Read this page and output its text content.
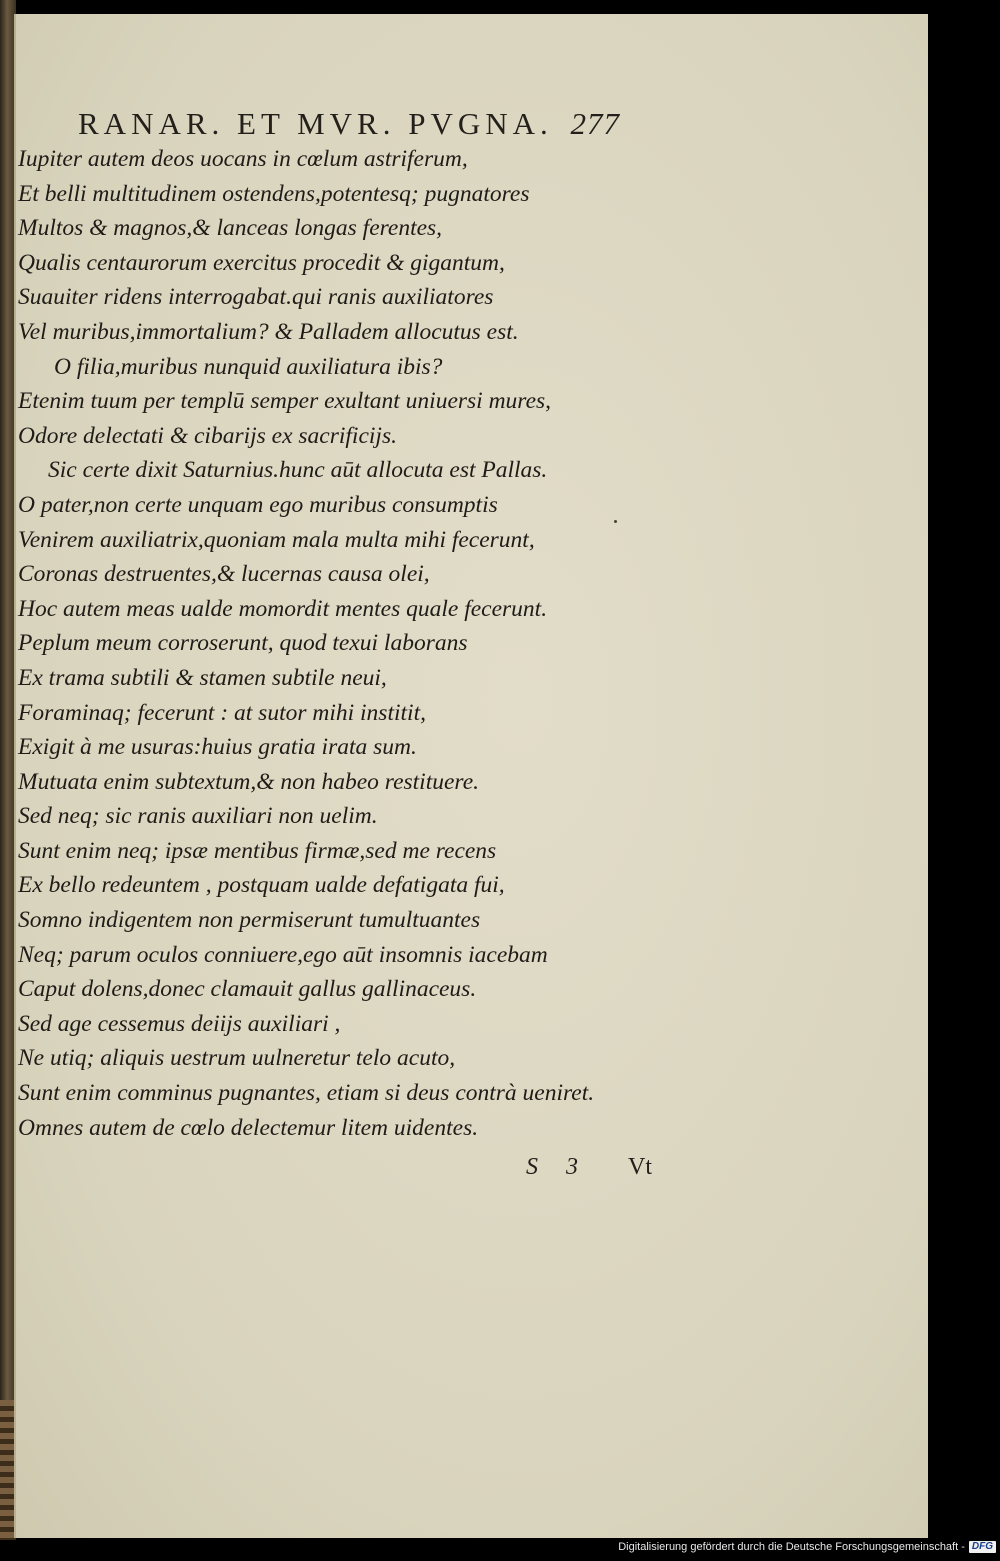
RANAR. ET MVR. PVGNA. 277
Iupiter autem deos uocans in cœlum astriferum,
Et belli multitudinem ostendens,potentesq; pugnatores
Multos & magnos,& lanceas longas ferentes,
Qualis centaurorum exercitus procedit & gigantum,
Suauiter ridens interrogabat.qui ranis auxiliatores
Vel muribus,immortalium? & Palladem allocutus est.
O filia,muribus nunquid auxiliatura ibis?
Etenim tuum per templū semper exultant uniuersi mures,
Odore delectati & cibarijs ex sacrificijs.
Sic certe dixit Saturnius.hunc aūt allocuta est Pallas.
O pater,non certe unquam ego muribus consumptis
Venirem auxiliatrix,quoniam mala multa mihi fecerunt,
Coronas destruentes,& lucernas causa olei,
Hoc autem meas ualde momordit mentes quale fecerunt.
Peplum meum corroserunt, quod texui laborans
Ex trama subtili & stamen subtile neui,
Foraminaq; fecerunt : at sutor mihi institit,
Exigit à me usuras:huius gratia irata sum.
Mutuata enim subtextum,& non habeo restituere.
Sed neq; sic ranis auxiliari non uelim.
Sunt enim neq; ipsæ mentibus firmæ,sed me recens
Ex bello redeuntem , postquam ualde defatigata fui,
Somno indigentem non permiserunt tumultuantes
Neq; parum oculos conniuere,ego aūt insomnis iacebam
Caput dolens,donec clamauit gallus gallinaceus.
Sed age cessemus deiijs auxiliari ,
Ne utiq; aliquis uestrum uulneretur telo acuto,
Sunt enim comminus pugnantes, etiam si deus contrà ueniret.
Omnes autem de cœlo delectemur litem uidentes.
S 3 Vt
Digitalisierung gefördert durch die Deutsche Forschungsgemeinschaft - DFG
